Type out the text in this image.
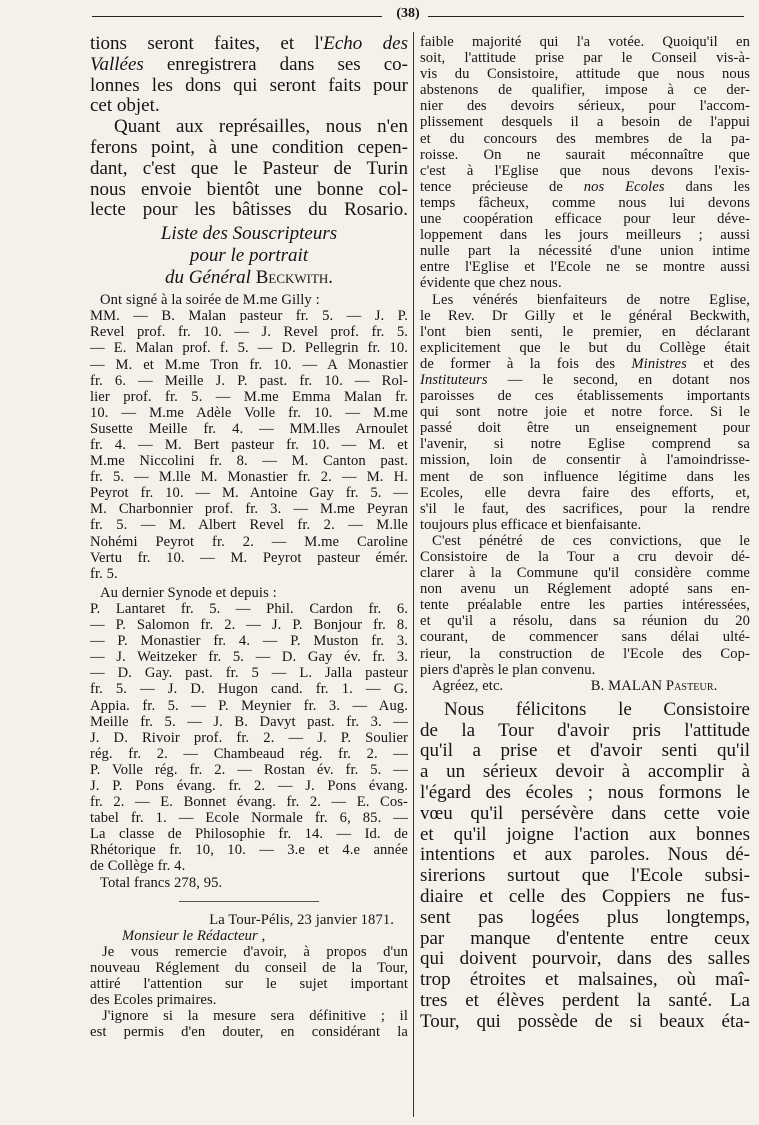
(38)
tions seront faites, et l'Echo des
Vallées enregistrera dans ses co-
lonnes les dons qui seront faits pour
cet objet.
Quant aux représailles, nous n'en
ferons point, à une condition cepen-
dant, c'est que le Pasteur de Turin
nous envoie bientôt une bonne col-
lecte pour les bâtisses du Rosario.
Liste des Souscripteurs
pour le portrait
du Général Beckwith.
Ont signé à la soirée de M.me Gilly :
MM. — B. Malan pasteur fr. 5. — J. P.
Revel prof. fr. 10. — J. Revel prof. fr. 5.
— E. Malan prof. f. 5. — D. Pellegrin fr. 10.
— M. et M.me Tron fr. 10. — A Monastier
fr. 6. — Meille J. P. past. fr. 10. — Rol-
lier prof. fr. 5. — M.me Emma Malan fr.
10. — M.me Adèle Volle fr. 10. — M.me
Susette Meille fr. 4. — MM.lles Arnoulet
fr. 4. — M. Bert pasteur fr. 10. — M. et
M.me Niccolini fr. 8. — M. Canton past.
fr. 5. — M.lle M. Monastier fr. 2. — M. H.
Peyrot fr. 10. — M. Antoine Gay fr. 5. —
M. Charbonnier prof. fr. 3. — M.me Peyran
fr. 5. — M. Albert Revel fr. 2. — M.lle
Nohémi Peyrot fr. 2. — M.me Caroline
Vertu fr. 10. — M. Peyrot pasteur émér.
fr. 5.
Au dernier Synode et depuis :
P. Lantaret fr. 5. — Phil. Cardon fr. 6.
— P. Salomon fr. 2. — J. P. Bonjour fr. 8.
— P. Monastier fr. 4. — P. Muston fr. 3.
— J. Weitzeker fr. 5. — D. Gay év. fr. 3.
— D. Gay. past. fr. 5 — L. Jalla pasteur
fr. 5. — J. D. Hugon cand. fr. 1. — G.
Appia. fr. 5. — P. Meynier fr. 3. — Aug.
Meille fr. 5. — J. B. Davyt past. fr. 3. —
J. D. Rivoir prof. fr. 2. — J. P. Soulier
rég. fr. 2. — Chambeaud rég. fr. 2. —
P. Volle rég. fr. 2. — Rostan év. fr. 5. —
J. P. Pons évang. fr. 2. — J. Pons évang.
fr. 2. — E. Bonnet évang. fr. 2. — E. Cos-
tabel fr. 1. — Ecole Normale fr. 6, 85. —
La classe de Philosophie fr. 14. — Id. de
Rhétorique fr. 10, 10. — 3.e et 4.e année
de Collège fr. 4.
Total francs 278, 95.
La Tour-Pélis, 23 janvier 1871.
Monsieur le Rédacteur ,
Je vous remercie d'avoir, à propos d'un
nouveau Réglement du conseil de la Tour,
attiré l'attention sur le sujet important
des Ecoles primaires.
J'ignore si la mesure sera définitive ; il
est permis d'en douter, en considérant la
faible majorité qui l'a votée. Quoiqu'il en
soit, l'attitude prise par le Conseil vis-à-
vis du Consistoire, attitude que nous nous
abstenons de qualifier, impose à ce der-
nier des devoirs sérieux, pour l'accom-
plissement desquels il a besoin de l'appui
et du concours des membres de la pa-
roisse. On ne saurait méconnaître que
c'est à l'Eglise que nous devons l'exis-
tence précieuse de nos Ecoles dans les
temps fâcheux, comme nous lui devons
une coopération efficace pour leur déve-
loppement dans les jours meilleurs ; aussi
nulle part la nécessité d'une union intime
entre l'Eglise et l'Ecole ne se montre aussi
évidente que chez nous.
Les vénérés bienfaiteurs de notre Eglise,
le Rev. Dr Gilly et le général Beckwith,
l'ont bien senti, le premier, en déclarant
explicitement que le but du Collège était
de former à la fois des Ministres et des
Instituteurs — le second, en dotant nos
paroisses de ces établissements importants
qui sont notre joie et notre force. Si le
passé doit être un enseignement pour
l'avenir, si notre Eglise comprend sa
mission, loin de consentir à l'amoindrisse-
ment de son influence légitime dans les
Ecoles, elle devra faire des efforts, et,
s'il le faut, des sacrifices, pour la rendre
toujours plus efficace et bienfaisante.
C'est pénétré de ces convictions, que le
Consistoire de la Tour a cru devoir dé-
clarer à la Commune qu'il considère comme
non avenu un Réglement adopté sans en-
tente préalable entre les parties intéressées,
et qu'il a résolu, dans sa réunion du 20
courant, de commencer sans délai ulté-
rieur, la construction de l'Ecole des Cop-
piers d'après le plan convenu.
Agréez, etc.	B. MALAN Pasteur.
Nous félicitons le Consistoire
de la Tour d'avoir pris l'attitude
qu'il a prise et d'avoir senti qu'il
a un sérieux devoir à accomplir à
l'égard des écoles ; nous formons le
vœu qu'il persévère dans cette voie
et qu'il joigne l'action aux bonnes
intentions et aux paroles. Nous dé-
sirerions surtout que l'Ecole subsi-
diaire et celle des Coppiers ne fus-
sent pas logées plus longtemps,
par manque d'entente entre ceux
qui doivent pourvoir, dans des salles
trop étroites et malsaines, où maî-
tres et élèves perdent la santé. La
Tour, qui possède de si beaux éta-
